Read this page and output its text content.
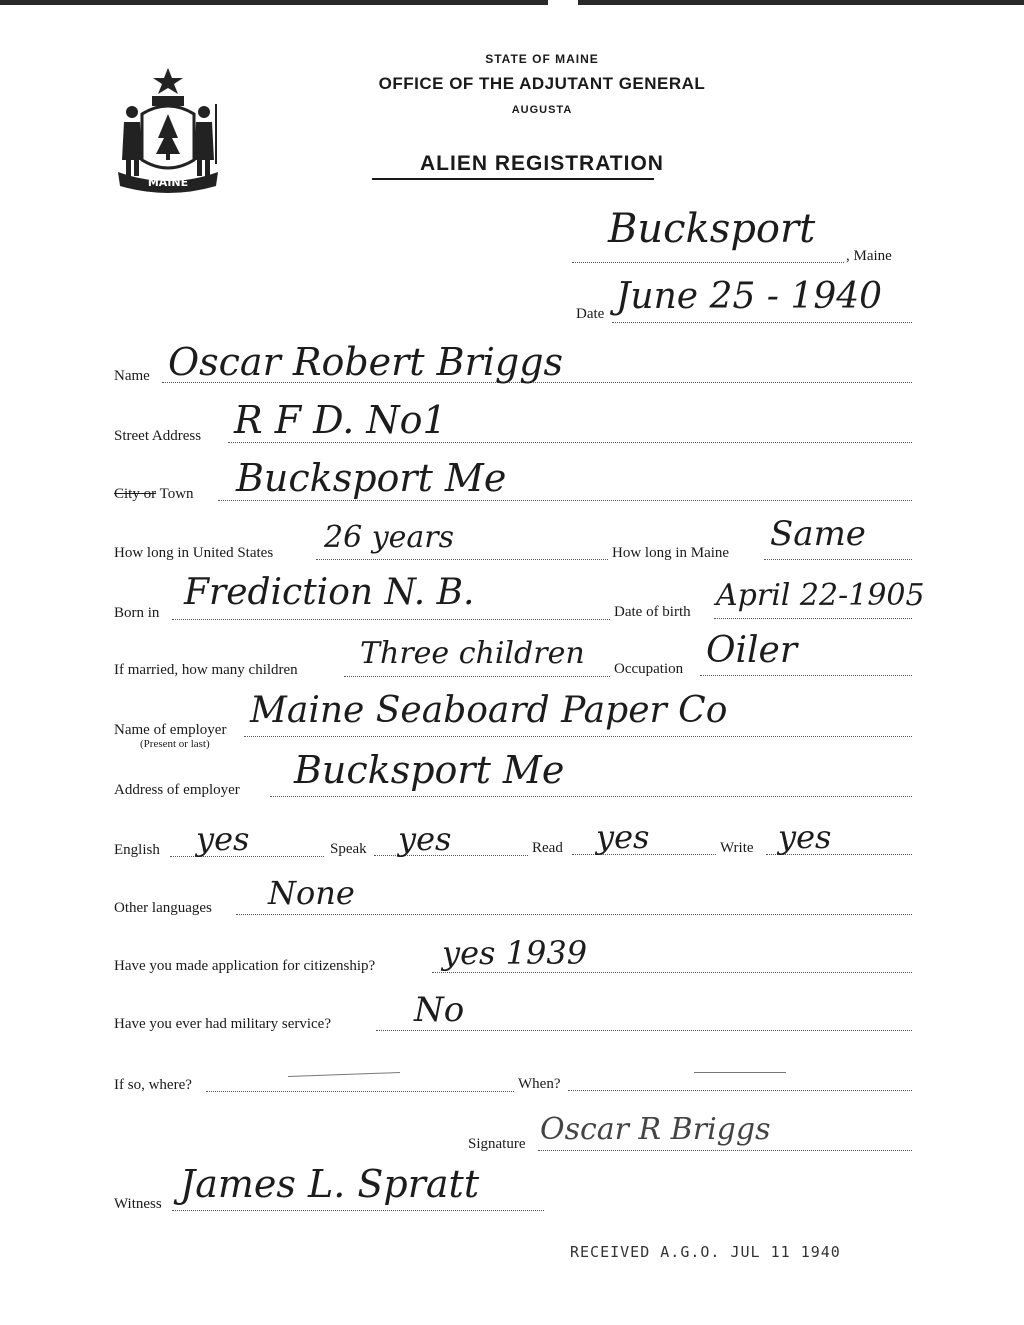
MAINE
STATE OF MAINE
OFFICE OF THE ADJUTANT GENERAL
AUGUSTA
ALIEN REGISTRATION
Bucksport
, Maine
Date June 25 - 1940
Name Oscar Robert Briggs
Street Address R F D. No1
City or Town Bucksport Me
How long in United States 26 years	How long in Maine Same
Born in Frediction N. B.	Date of birth April 22-1905
If married, how many children Three children Occupation Oiler
Name of employer
(Present or last)
Maine Seaboard Paper Co
Address of employer Bucksport Me
English yes	Speak yes	Read yes	Write yes
Other languages None
Have you made application for citizenship? yes 1939
Have you ever had military service? No
If so, where?	When?
Signature Oscar R Briggs
Witness James L. Spratt
RECEIVED A.G.O. JUL 11 1940
